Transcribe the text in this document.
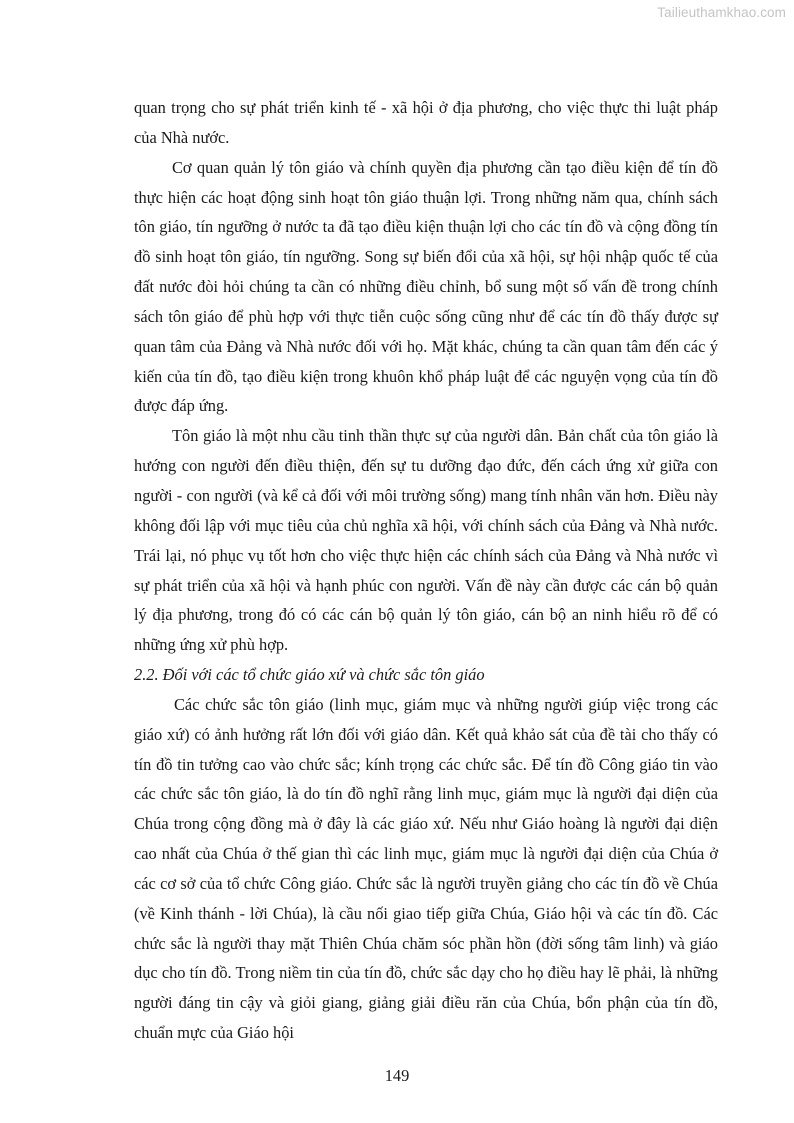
Tailieuthamkhao.com

quan trọng cho sự phát triển kinh tế - xã hội ở địa phương, cho việc thực thi luật pháp của Nhà nước.

Cơ quan quản lý tôn giáo và chính quyền địa phương cần tạo điều kiện để tín đồ thực hiện các hoạt động sinh hoạt tôn giáo thuận lợi. Trong những năm qua, chính sách tôn giáo, tín ngưỡng ở nước ta đã tạo điều kiện thuận lợi cho các tín đồ và cộng đồng tín đồ sinh hoạt tôn giáo, tín ngưỡng. Song sự biến đổi của xã hội, sự hội nhập quốc tế của đất nước đòi hỏi chúng ta cần có những điều chỉnh, bổ sung một số vấn đề trong chính sách tôn giáo để phù hợp với thực tiễn cuộc sống cũng như để các tín đồ thấy được sự quan tâm của Đảng và Nhà nước đối với họ. Mặt khác, chúng ta cần quan tâm đến các ý kiến của tín đồ, tạo điều kiện trong khuôn khổ pháp luật để các nguyện vọng của tín đồ được đáp ứng.

Tôn giáo là một nhu cầu tinh thần thực sự của người dân. Bản chất của tôn giáo là hướng con người đến điều thiện, đến sự tu dưỡng đạo đức, đến cách ứng xử giữa con người - con người (và kể cả đối với môi trường sống) mang tính nhân văn hơn. Điều này không đối lập với mục tiêu của chủ nghĩa xã hội, với chính sách của Đảng và Nhà nước. Trái lại, nó phục vụ tốt hơn cho việc thực hiện các chính sách của Đảng và Nhà nước vì sự phát triển của xã hội và hạnh phúc con người. Vấn đề này cần được các cán bộ quản lý địa phương, trong đó có các cán bộ quản lý tôn giáo, cán bộ an ninh hiểu rõ để có những ứng xử phù hợp.

2.2. Đối với các tổ chức giáo xứ và chức sắc tôn giáo

Các chức sắc tôn giáo (linh mục, giám mục và những người giúp việc trong các giáo xứ) có ảnh hưởng rất lớn đối với giáo dân. Kết quả khảo sát của đề tài cho thấy có tín đồ tin tưởng cao vào chức sắc; kính trọng các chức sắc. Để tín đồ Công giáo tin vào các chức sắc tôn giáo, là do tín đồ nghĩ rằng linh mục, giám mục là người đại diện của Chúa trong cộng đồng mà ở đây là các giáo xứ. Nếu như Giáo hoàng là người đại diện cao nhất của Chúa ở thế gian thì các linh mục, giám mục là người đại diện của Chúa ở các cơ sở của tổ chức Công giáo. Chức sắc là người truyền giảng cho các tín đồ về Chúa (về Kinh thánh - lời Chúa), là cầu nối giao tiếp giữa Chúa, Giáo hội và các tín đồ. Các chức sắc là người thay mặt Thiên Chúa chăm sóc phần hồn (đời sống tâm linh) và giáo dục cho tín đồ. Trong niềm tin của tín đồ, chức sắc dạy cho họ điều hay lẽ phải, là những người đáng tin cậy và giỏi giang, giảng giải điều răn của Chúa, bổn phận của tín đồ, chuẩn mực của Giáo hội

149
